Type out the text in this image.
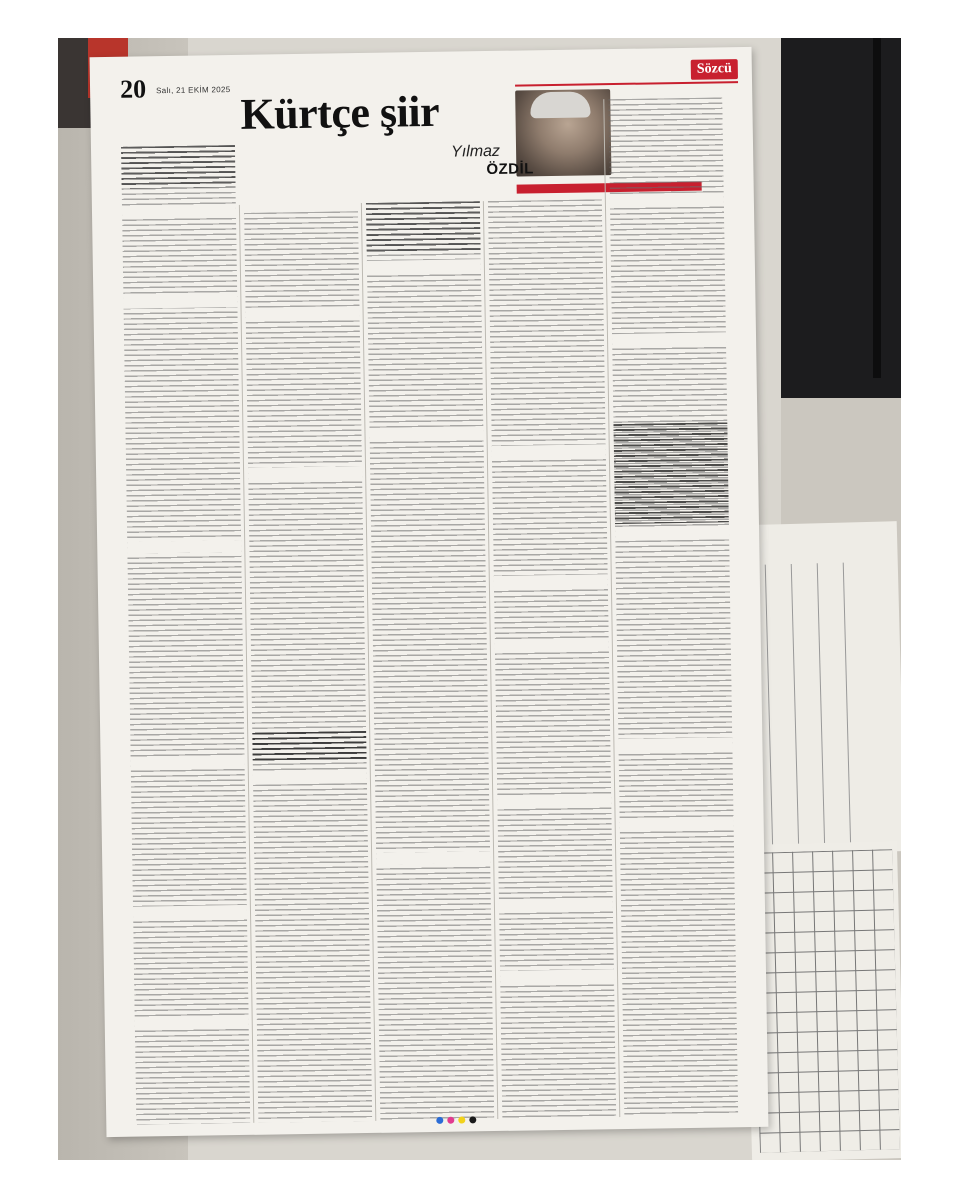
20 Salı, 21 EKİM 2025
Sözcü
Kürtçe şiir
Yılmaz
ÖZDİL
